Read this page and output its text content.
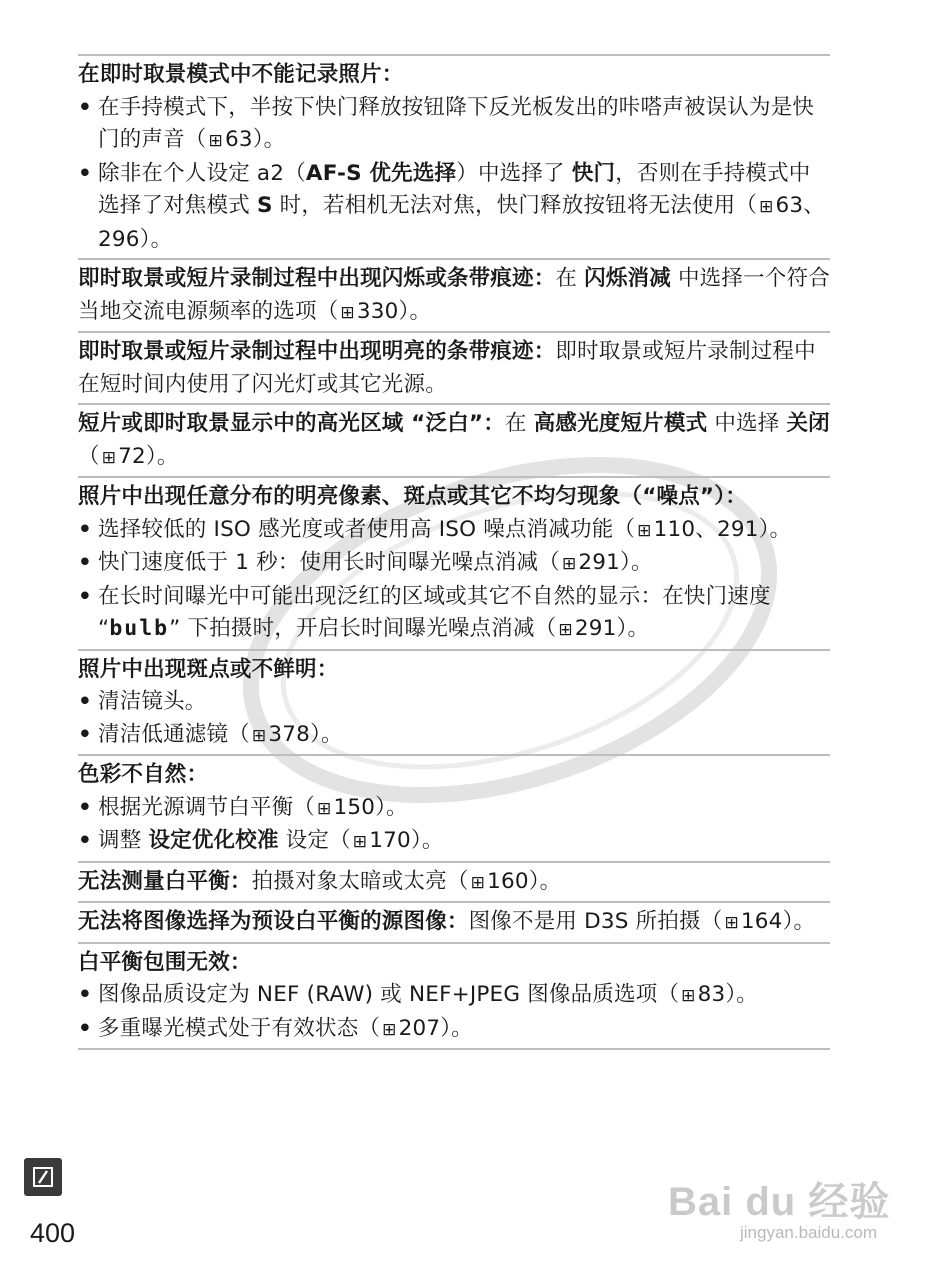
在即时取景模式中不能记录照片：
• 在手持模式下，半按下快门释放按钮降下反光板发出的咔嗒声被误认为是快门的声音（ ⊞63）。
• 除非在个人设定 a2（AF-S 优先选择）中选择了 快门，否则在手持模式中选择了对焦模式 S 时，若相机无法对焦，快门释放按钮将无法使用（ ⊞63、 296）。
即时取景或短片录制过程中出现闪烁或条带痕迹：在 闪烁消减 中选择一个符合当地交流电源频率的选项（ ⊞330）。
即时取景或短片录制过程中出现明亮的条带痕迹：即时取景或短片录制过程中在短时间内使用了闪光灯或其它光源。
短片或即时取景显示中的高光区域 “泛白”：在 高感光度短片模式 中选择 关闭（ ⊞72）。
照片中出现任意分布的明亮像素、斑点或其它不均匀现象（“噪点”）：
• 选择较低的 ISO 感光度或者使用高 ISO 噪点消减功能（ ⊞110、291）。
• 快门速度低于 1 秒：使用长时间曝光噪点消减（ ⊞291）。
• 在长时间曝光中可能出现泛红的区域或其它不自然的显示：在快门速度 “bulb” 下拍摄时，开启长时间曝光噪点消减（ ⊞291）。
照片中出现斑点或不鲜明：
• 清洁镜头。
• 清洁低通滤镜（ ⊞378）。
色彩不自然：
• 根据光源调节白平衡（ ⊞150）。
• 调整 设定优化校准 设定（ ⊞170）。
无法测量白平衡：拍摄对象太暗或太亮（ ⊞160）。
无法将图像选择为预设白平衡的源图像：图像不是用 D3S 所拍摄（ ⊞164）。
白平衡包围无效：
• 图像品质设定为 NEF (RAW) 或 NEF+JPEG 图像品质选项（ ⊞83）。
• 多重曝光模式处于有效状态（ ⊞207）。
400
Bai du 经验
jingyan.baidu.com
